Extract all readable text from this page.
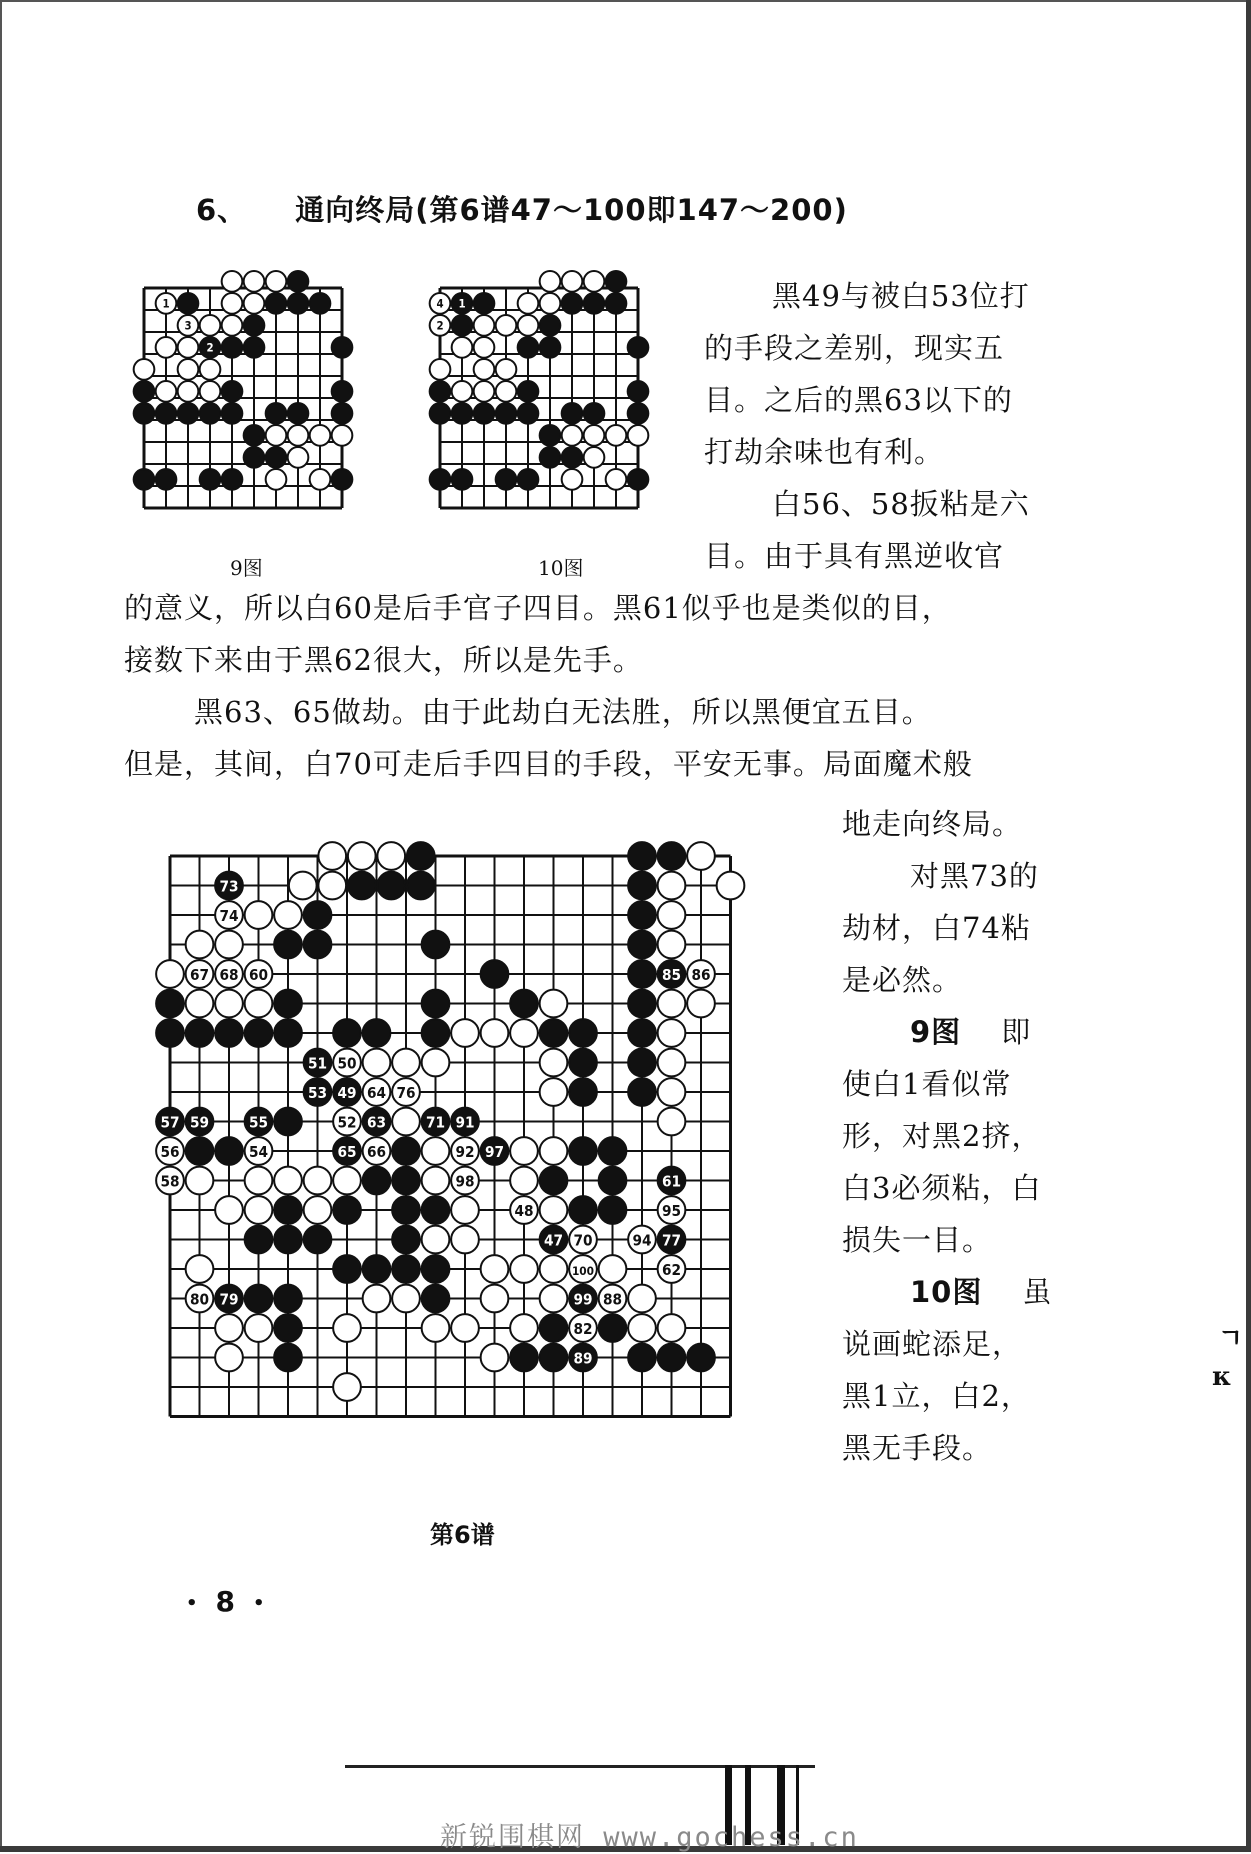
6、 通向终局(第6谱47～100即147～200)
1
3
2
4 1
2
9图	10图
黑49与被白53位打
的手段之差别，现实五
目。之后的黑63以下的
打劫余味也有利。
白56、58扳粘是六
目。由于具有黑逆收官
的意义，所以白60是后手官子四目。黑61似乎也是类似的目，
接数下来由于黑62很大，所以是先手。
黑63、65做劫。由于此劫白无法胜，所以黑便宜五目。
但是，其间，白70可走后手四目的手段，平安无事。局面魔术般
地走向终局。
对黑73的
劫材，白74粘
是必然。
9图 即
使白1看似常
形，对黑2挤，
白3必须粘，白
损失一目。
10图 虽
说画蛇添足，
黑1立，白2，
黑无手段。
73
74
67 68 60	85 86
51 50
53 49 64 76
57 59	55	52 63	71 91
56	54	65 66	92 97
58	98	61
48	95
47 70	94 77
100	62
80 79	99 88
82
89
第6谱
• 8 •
ㄱ
κ
新锐围棋网 www.gochess.cn
